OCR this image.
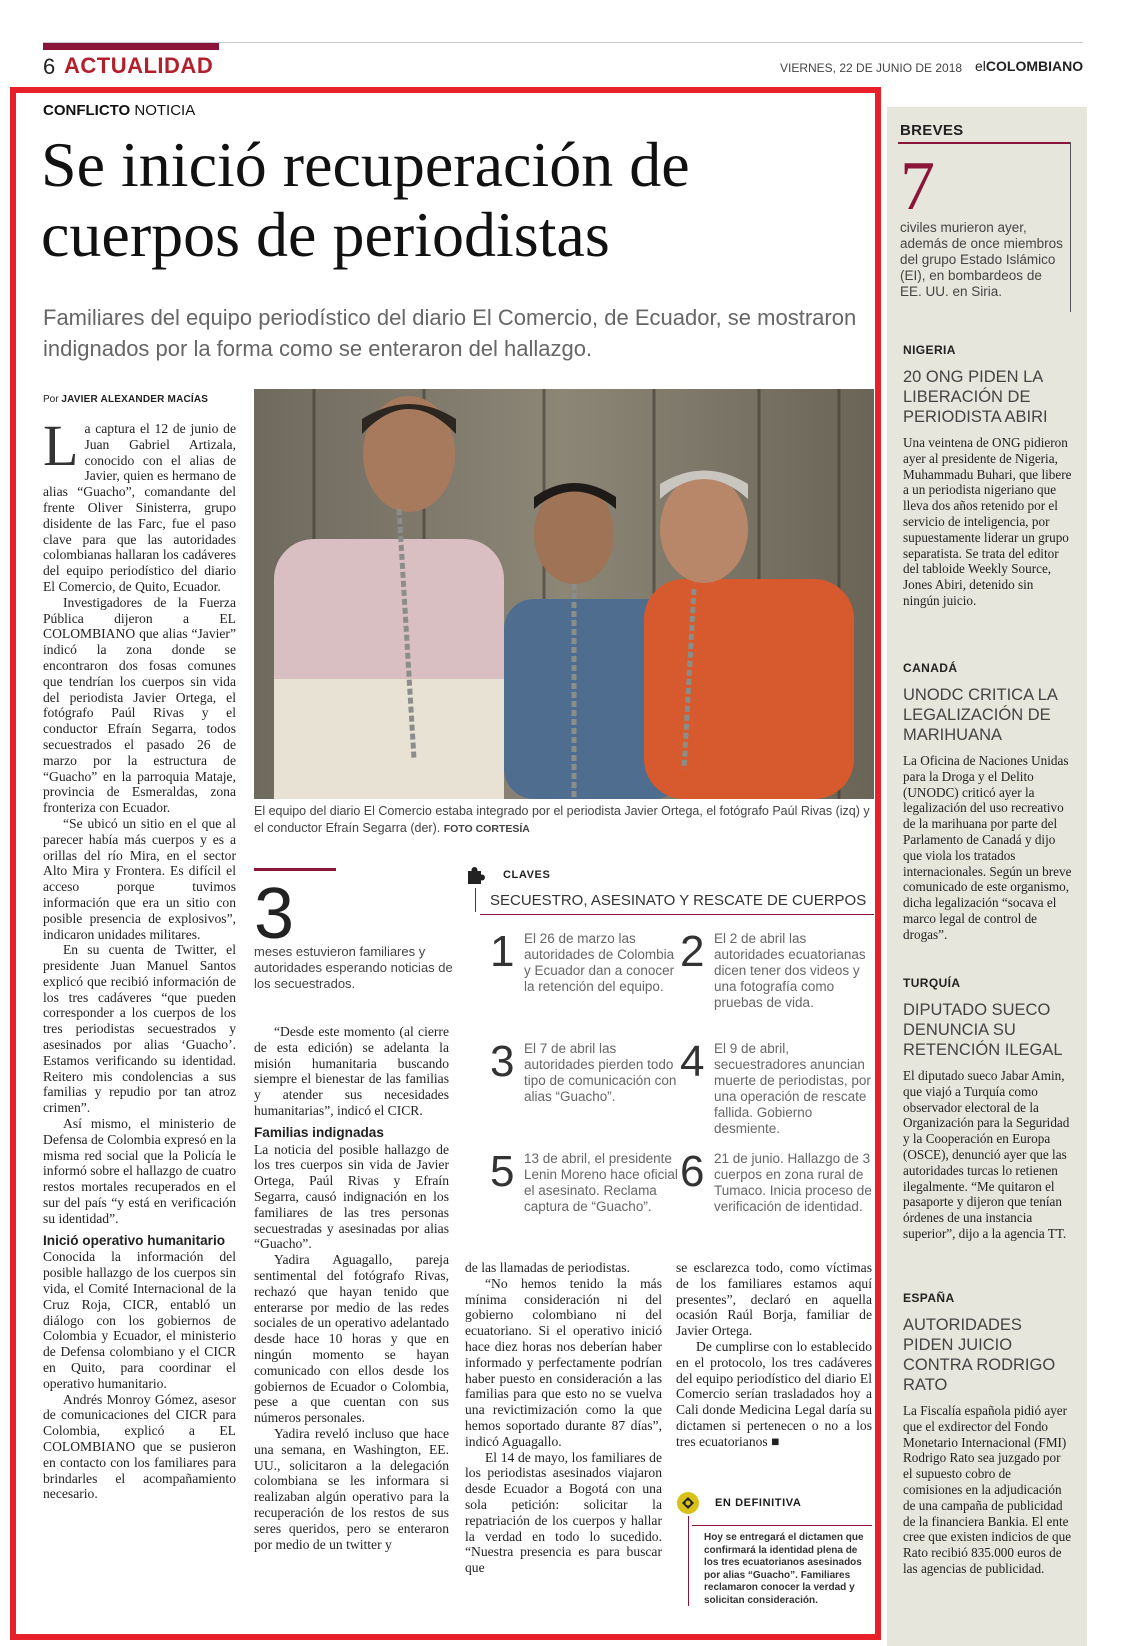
6 ACTUALIDAD	VIERNES, 22 DE JUNIO DE 2018 elCOLOMBIANO
BREVES
7
civiles murieron ayer, además de once miembros del grupo Estado Islámico (EI), en bombardeos de EE. UU. en Siria.
NIGERIA
20 ONG PIDEN LA LIBERACIÓN DE PERIODISTA ABIRI
Una veintena de ONG pidieron ayer al presidente de Nigeria, Muhammadu Buhari, que libere a un periodista nigeriano que lleva dos años retenido por el servicio de inteligencia, por supuestamente liderar un grupo separatista. Se trata del editor del tabloide Weekly Source, Jones Abiri, detenido sin ningún juicio.
CANADÁ
UNODC CRITICA LA LEGALIZACIÓN DE MARIHUANA
La Oficina de Naciones Unidas para la Droga y el Delito (UNODC) criticó ayer la legalización del uso recreativo de la marihuana por parte del Parlamento de Canadá y dijo que viola los tratados internacionales. Según un breve comunicado de este organismo, dicha legalización “socava el marco legal de control de drogas”.
TURQUÍA
DIPUTADO SUECO DENUNCIA SU RETENCIÓN ILEGAL
El diputado sueco Jabar Amin, que viajó a Turquía como observador electoral de la Organización para la Seguridad y la Cooperación en Europa (OSCE), denunció ayer que las autoridades turcas lo retienen ilegalmente. “Me quitaron el pasaporte y dijeron que tenían órdenes de una instancia superior”, dijo a la agencia TT.
ESPAÑA
AUTORIDADES PIDEN JUICIO CONTRA RODRIGO RATO
La Fiscalía española pidió ayer que el exdirector del Fondo Monetario Internacional (FMI) Rodrigo Rato sea juzgado por el supuesto cobro de comisiones en la adjudicación de una campaña de publicidad de la financiera Bankia. El ente cree que existen indicios de que Rato recibió 835.000 euros de las agencias de publicidad.
CONFLICTO NOTICIA
Se inició recuperación de cuerpos de periodistas
Familiares del equipo periodístico del diario El Comercio, de Ecuador, se mostraron indignados por la forma como se enteraron del hallazgo.
Por JAVIER ALEXANDER MACÍAS

La captura el 12 de junio de Juan Gabriel Artizala, conocido con el alias de Javier, quien es hermano de alias “Guacho”, comandante del frente Oliver Sinisterra, grupo disidente de las Farc, fue el paso clave para que las autoridades colombianas hallaran los cadáveres del equipo periodístico del diario El Comercio, de Quito, Ecuador.

Investigadores de la Fuerza Pública dijeron a EL COLOMBIANO que alias “Javier” indicó la zona donde se encontraron dos fosas comunes que tendrían los cuerpos sin vida del periodista Javier Ortega, el fotógrafo Paúl Rivas y el conductor Efraín Segarra, todos secuestrados el pasado 26 de marzo por la estructura de “Guacho” en la parroquia Mataje, provincia de Esmeraldas, zona fronteriza con Ecuador.

“Se ubicó un sitio en el que al parecer había más cuerpos y es a orillas del río Mira, en el sector Alto Mira y Frontera. Es difícil el acceso porque tuvimos información que era un sitio con posible presencia de explosivos”, indicaron unidades militares.

En su cuenta de Twitter, el presidente Juan Manuel Santos explicó que recibió información de los tres cadáveres “que pueden corresponder a los cuerpos de los tres periodistas secuestrados y asesinados por alias ‘Guacho’. Estamos verificando su identidad. Reitero mis condolencias a sus familias y repudio por tan atroz crimen”.

Así mismo, el ministerio de Defensa de Colombia expresó en la misma red social que la Policía le informó sobre el hallazgo de cuatro restos mortales recuperados en el sur del país “y está en verificación su identidad”.

Inició operativo humanitario

Conocida la información del posible hallazgo de los cuerpos sin vida, el Comité Internacional de la Cruz Roja, CICR, entabló un diálogo con los gobiernos de Colombia y Ecuador, el ministerio de Defensa colombiano y el CICR en Quito, para coordinar el operativo humanitario.

Andrés Monroy Gómez, asesor de comunicaciones del CICR para Colombia, explicó a EL COLOMBIANO que se pusieron en contacto con los familiares para brindarles el acompañamiento necesario.

El equipo del diario El Comercio estaba integrado por el periodista Javier Ortega, el fotógrafo Paúl Rivas (izq) y el conductor Efraín Segarra (der). FOTO CORTESÍA
3
meses estuvieron familiares y autoridades esperando noticias de los secuestrados.

“Desde este momento (al cierre de esta edición) se adelanta la misión humanitaria buscando siempre el bienestar de las familias y atender sus necesidades humanitarias”, indicó el CICR.

Familias indignadas

La noticia del posible hallazgo de los tres cuerpos sin vida de Javier Ortega, Paúl Rivas y Efraín Segarra, causó indignación en los familiares de las tres personas secuestradas y asesinadas por alias “Guacho”.

Yadira Aguagallo, pareja sentimental del fotógrafo Rivas, rechazó que hayan tenido que enterarse por medio de las redes sociales de un operativo adelantado desde hace 10 horas y que en ningún momento se hayan comunicado con ellos desde los gobiernos de Ecuador o Colombia, pese a que cuentan con sus números personales.

Yadira reveló incluso que hace una semana, en Washington, EE. UU., solicitaron a la delegación colombiana se les informara si realizaban algún operativo para la recuperación de los restos de sus seres queridos, pero se enteraron por medio de un twitter y

CLAVES
SECUESTRO, ASESINATO Y RESCATE DE CUERPOS
1 El 26 de marzo las autoridades de Colombia y Ecuador dan a conocer la retención del equipo.
2 El 2 de abril las autoridades ecuatorianas dicen tener dos videos y una fotografía como pruebas de vida.
3 El 7 de abril las autoridades pierden todo tipo de comunicación con alias “Guacho”.
4 El 9 de abril, secuestradores anuncian muerte de periodistas, por una operación de rescate fallida. Gobierno desmiente.
5 13 de abril, el presidente Lenin Moreno hace oficial el asesinato. Reclama captura de “Guacho”.
6 21 de junio. Hallazgo de 3 cuerpos en zona rural de Tumaco. Inicia proceso de verificación de identidad.

de las llamadas de periodistas.

“No hemos tenido la más mínima consideración ni del gobierno colombiano ni del ecuatoriano. Si el operativo inició hace diez horas nos deberían haber informado y perfectamente podrían haber puesto en consideración a las familias para que esto no se vuelva una revictimización como la que hemos soportado durante 87 días”, indicó Aguagallo.

El 14 de mayo, los familiares de los periodistas asesinados viajaron desde Ecuador a Bogotá con una sola petición: solicitar la repatriación de los cuerpos y hallar la verdad en todo lo sucedido. “Nuestra presencia es para buscar que

se esclarezca todo, como víctimas de los familiares estamos aquí presentes”, declaró en aquella ocasión Raúl Borja, familiar de Javier Ortega.

De cumplirse con lo establecido en el protocolo, los tres cadáveres del equipo periodístico del diario El Comercio serían trasladados hoy a Cali donde Medicina Legal daría su dictamen si pertenecen o no a los tres ecuatorianos ■

EN DEFINITIVA
Hoy se entregará el dictamen que confirmará la identidad plena de los tres ecuatorianos asesinados por alias “Guacho”. Familiares reclamaron conocer la verdad y solicitan consideración.
